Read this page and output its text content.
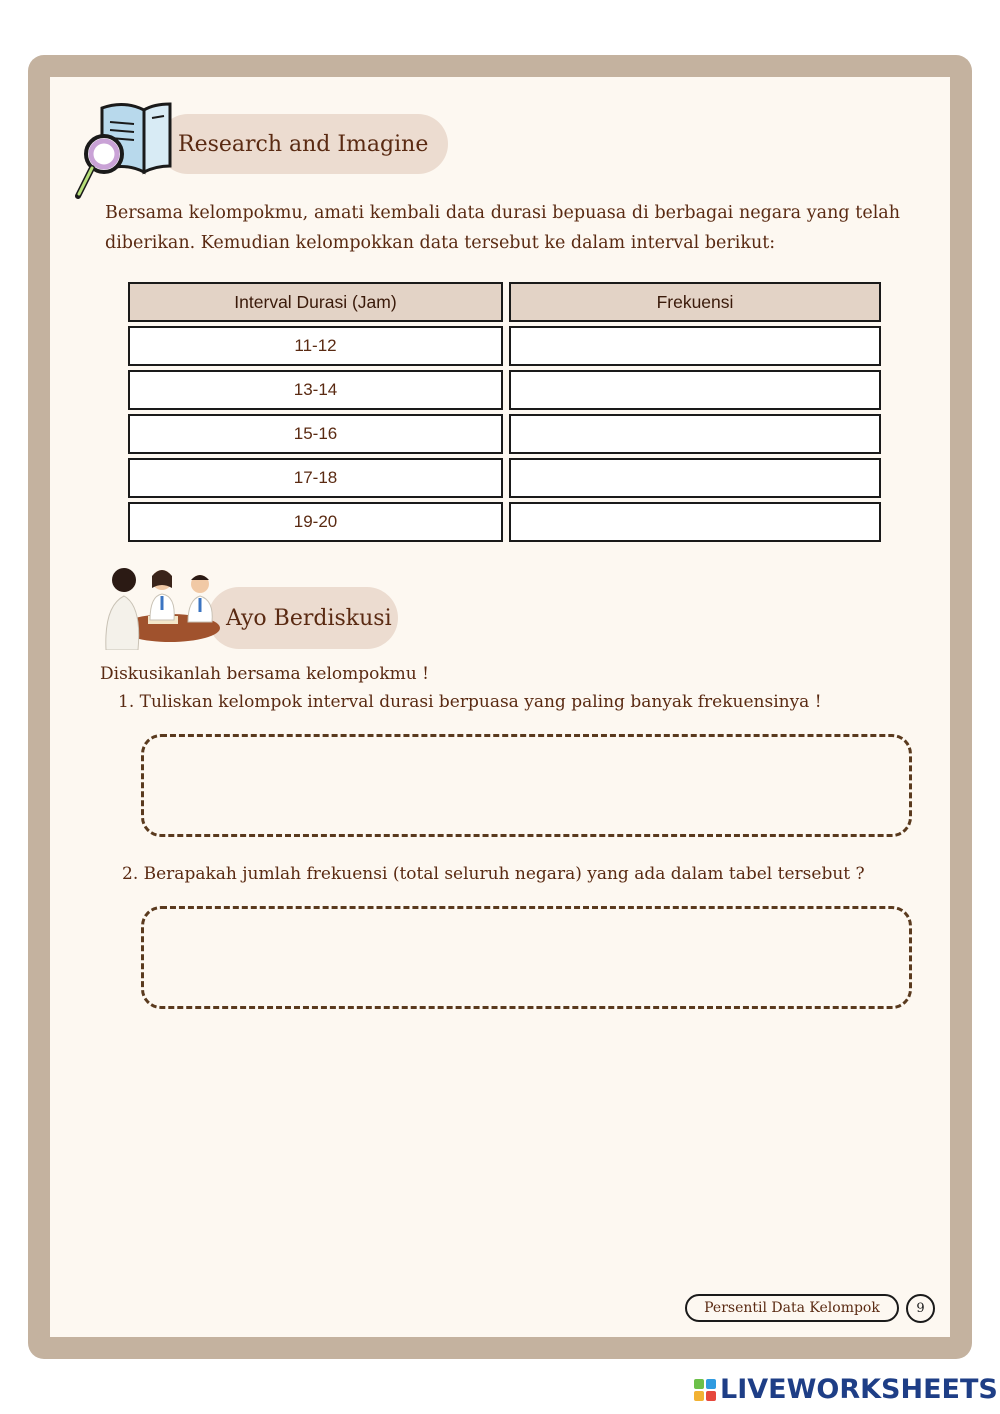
Research and Imagine
Bersama kelompokmu, amati kembali data durasi bepuasa di berbagai negara yang telah diberikan. Kemudian kelompokkan data tersebut ke dalam interval berikut:
Interval Durasi (Jam)	Frekuensi
11-12
13-14
15-16
17-18
19-20
Ayo Berdiskusi
Diskusikanlah bersama kelompokmu !
1. Tuliskan kelompok interval durasi berpuasa yang paling banyak frekuensinya !
2. Berapakah jumlah frekuensi (total seluruh negara) yang ada dalam tabel tersebut ?
Persentil Data Kelompok	9
LIVEWORKSHEETS
